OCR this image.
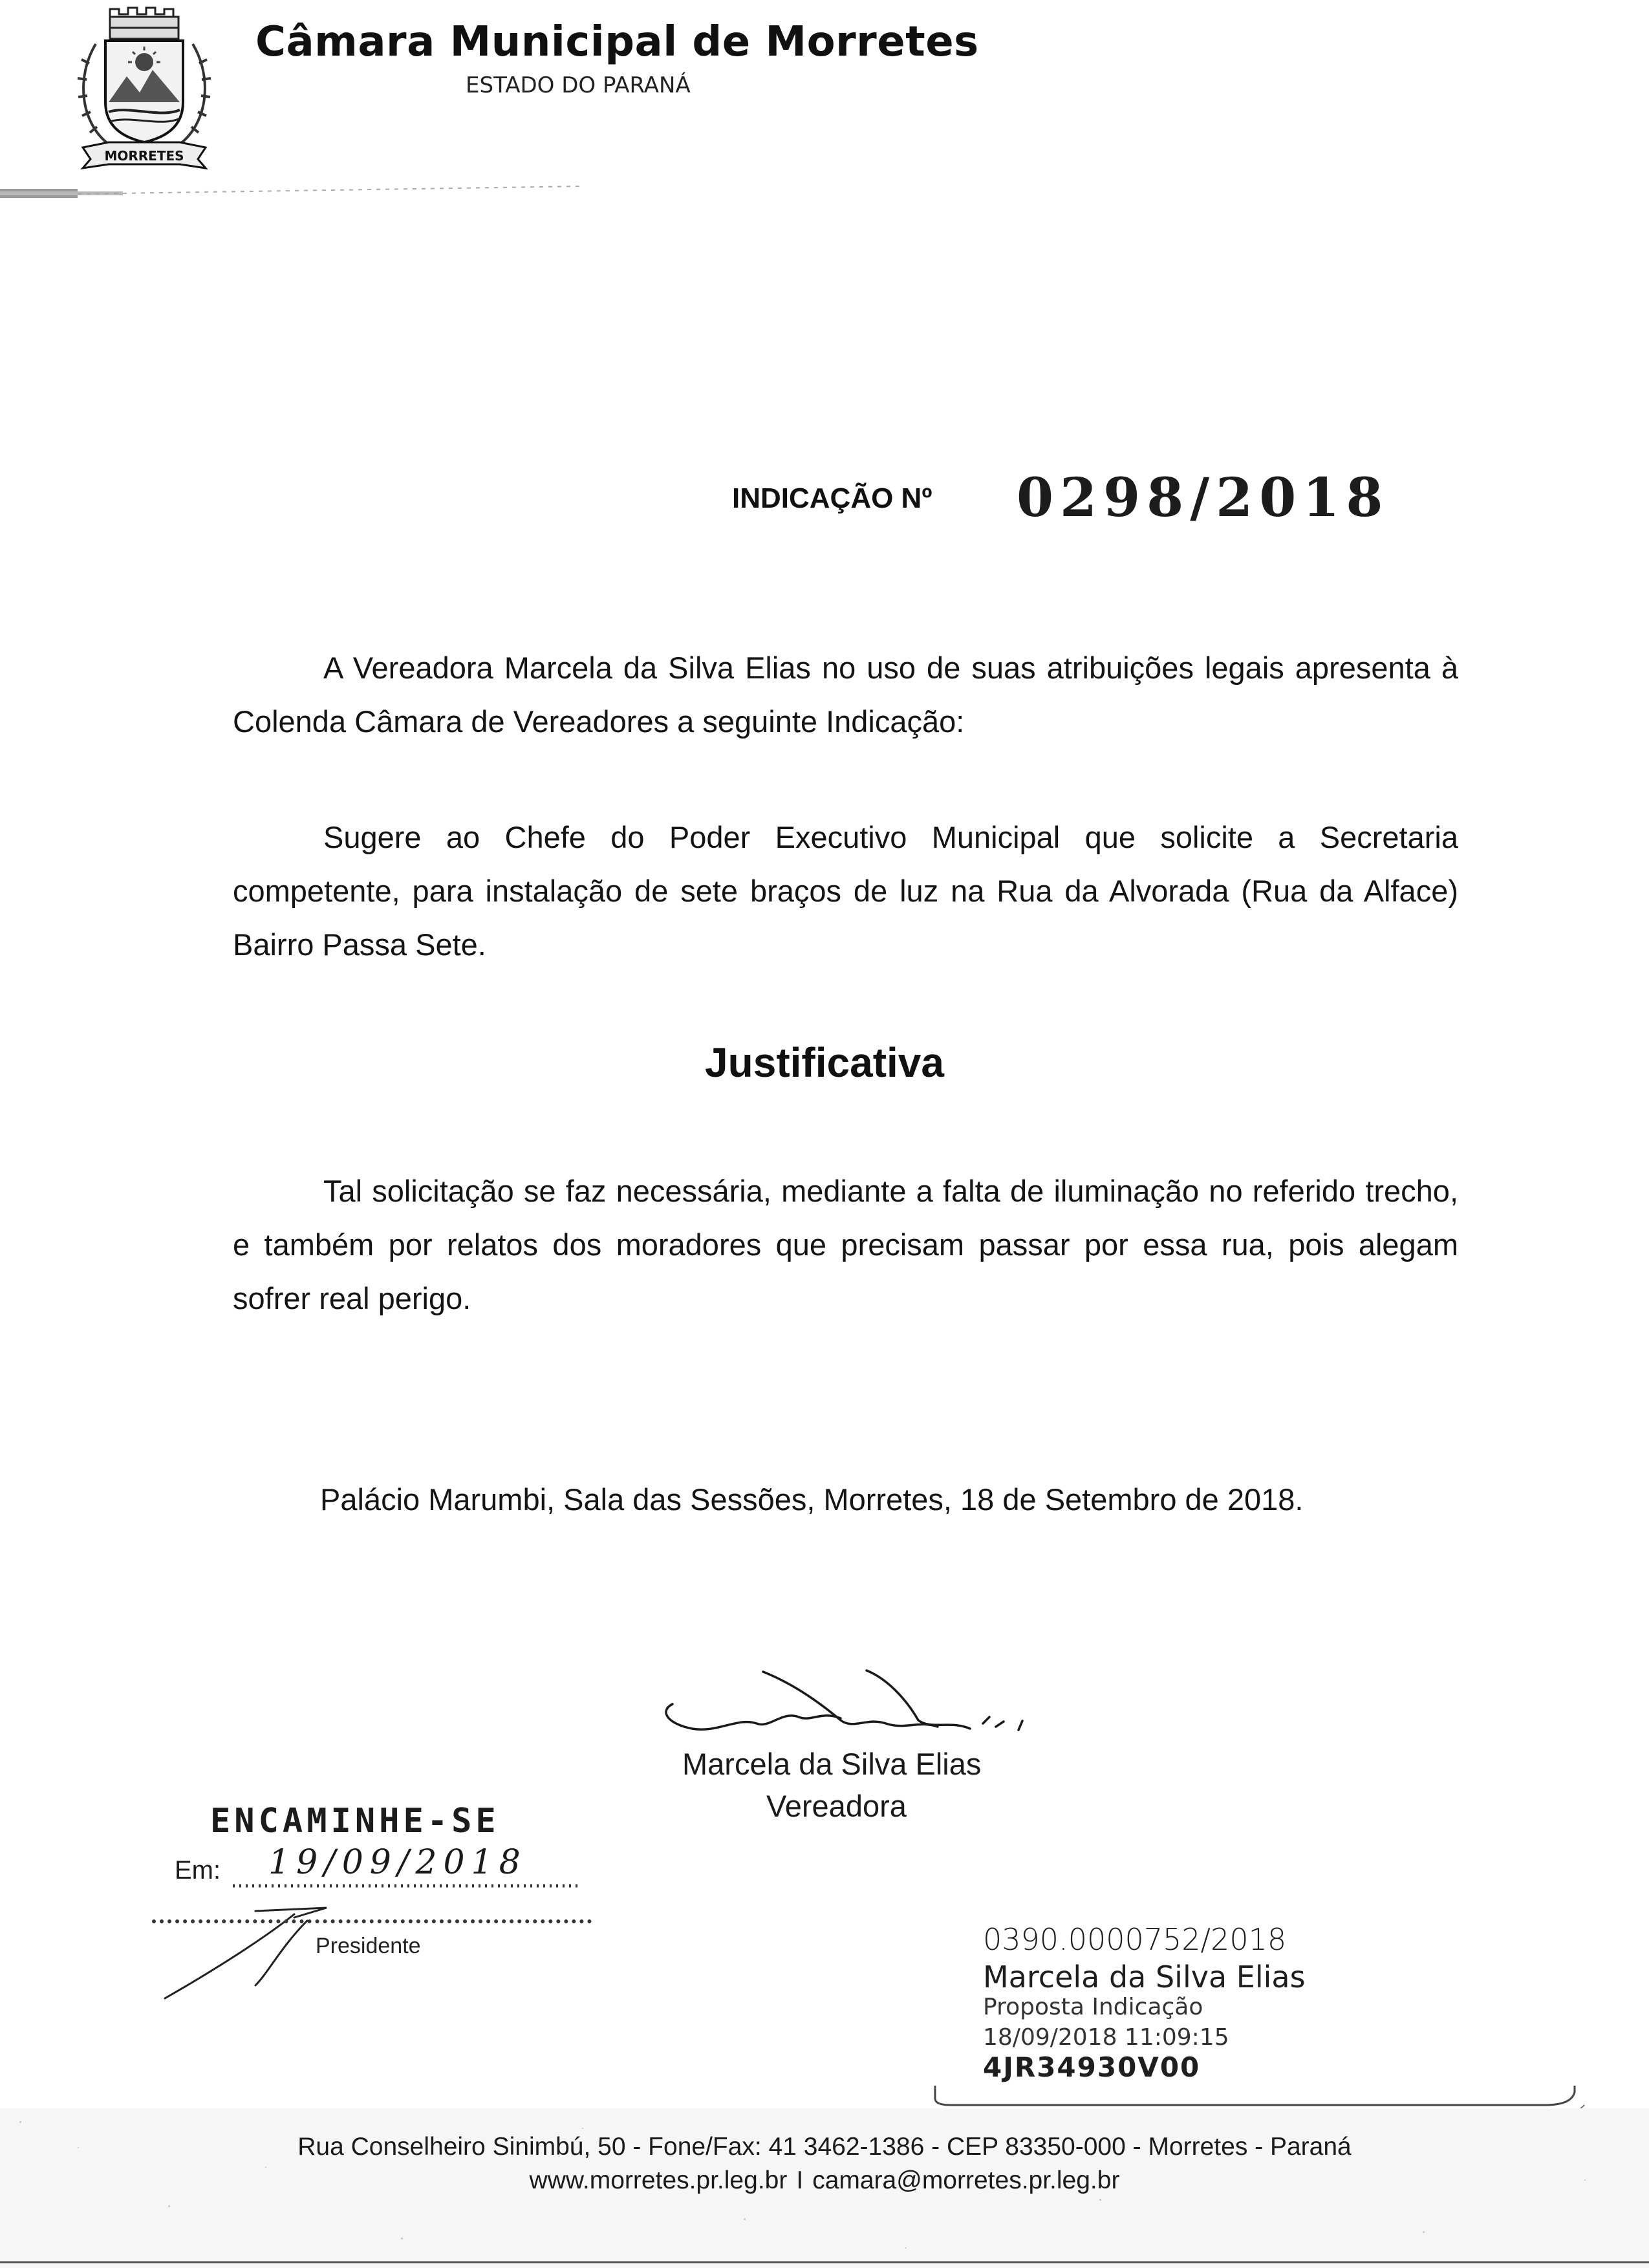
MORRETES
Câmara Municipal de Morretes
ESTADO DO PARANÁ
INDICAÇÃO Nº 0298/2018
A Vereadora Marcela da Silva Elias no uso de suas atribuições legais apresenta à Colenda Câmara de Vereadores a seguinte Indicação:
Sugere ao Chefe do Poder Executivo Municipal que solicite a Secretaria competente, para instalação de sete braços de luz na Rua da Alvorada (Rua da Alface) Bairro Passa Sete.
Justificativa
Tal solicitação se faz necessária, mediante a falta de iluminação no referido trecho, e também por relatos dos moradores que precisam passar por essa rua, pois alegam sofrer real perigo.
Palácio Marumbi, Sala das Sessões, Morretes, 18 de Setembro de 2018.
Marcela da Silva Elias
Vereadora
ENCAMINHE-SE
Em: 19/09/2018
Presidente	0390.0000752/2018
Marcela da Silva Elias
Proposta Indicação
18/09/2018 11:09:15
4JR34930V00
Rua Conselheiro Sinimbú, 50 - Fone/Fax: 41 3462-1386 - CEP 83350-000 - Morretes - Paraná
www.morretes.pr.leg.br I camara@morretes.pr.leg.br
